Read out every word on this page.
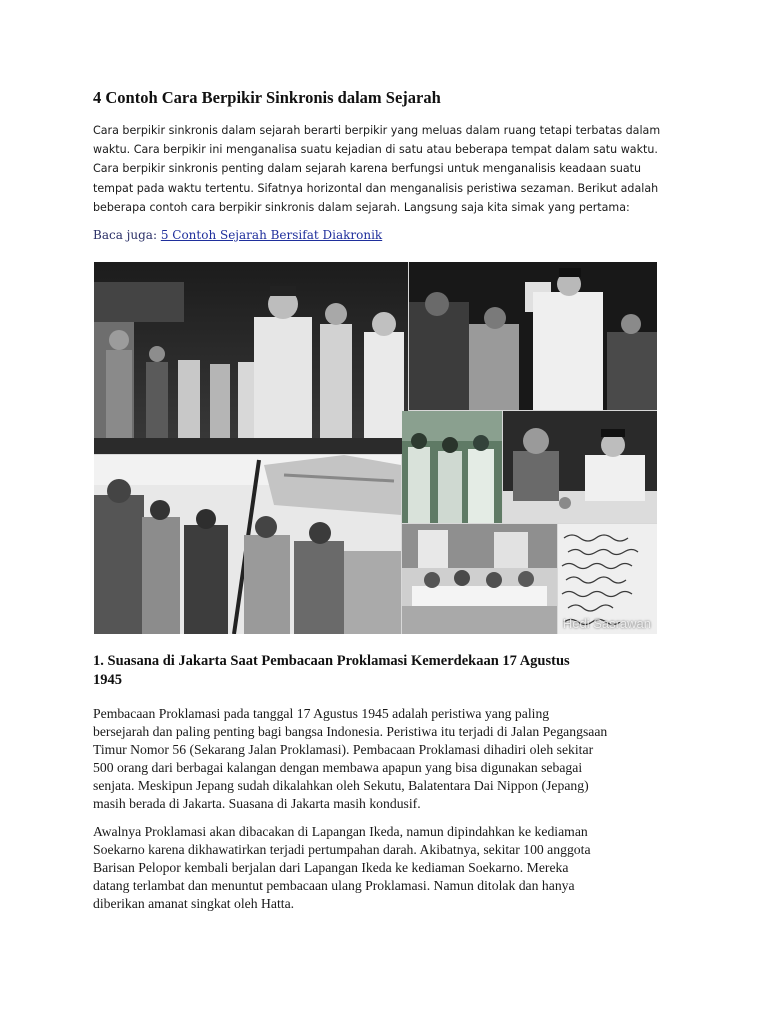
4 Contoh Cara Berpikir Sinkronis dalam Sejarah
Cara berpikir sinkronis dalam sejarah berarti berpikir yang meluas dalam ruang tetapi terbatas dalam
waktu. Cara berpikir ini menganalisa suatu kejadian di satu atau beberapa tempat dalam satu waktu.
Cara berpikir sinkronis penting dalam sejarah karena berfungsi untuk menganalisis keadaan suatu
tempat pada waktu tertentu. Sifatnya horizontal dan menganalisis peristiwa sezaman. Berikut adalah
beberapa contoh cara berpikir sinkronis dalam sejarah. Langsung saja kita simak yang pertama:
Baca juga: 5 Contoh Sejarah Bersifat Diakronik
Hedi Sasrawan
1. Suasana di Jakarta Saat Pembacaan Proklamasi Kemerdekaan 17 Agustus
1945
Pembacaan Proklamasi pada tanggal 17 Agustus 1945 adalah peristiwa yang paling
bersejarah dan paling penting bagi bangsa Indonesia. Peristiwa itu terjadi di Jalan Pegangsaan
Timur Nomor 56 (Sekarang Jalan Proklamasi). Pembacaan Proklamasi dihadiri oleh sekitar
500 orang dari berbagai kalangan dengan membawa apapun yang bisa digunakan sebagai
senjata. Meskipun Jepang sudah dikalahkan oleh Sekutu, Balatentara Dai Nippon (Jepang)
masih berada di Jakarta. Suasana di Jakarta masih kondusif.
Awalnya Proklamasi akan dibacakan di Lapangan Ikeda, namun dipindahkan ke kediaman
Soekarno karena dikhawatirkan terjadi pertumpahan darah. Akibatnya, sekitar 100 anggota
Barisan Pelopor kembali berjalan dari Lapangan Ikeda ke kediaman Soekarno. Mereka
datang terlambat dan menuntut pembacaan ulang Proklamasi. Namun ditolak dan hanya
diberikan amanat singkat oleh Hatta.
